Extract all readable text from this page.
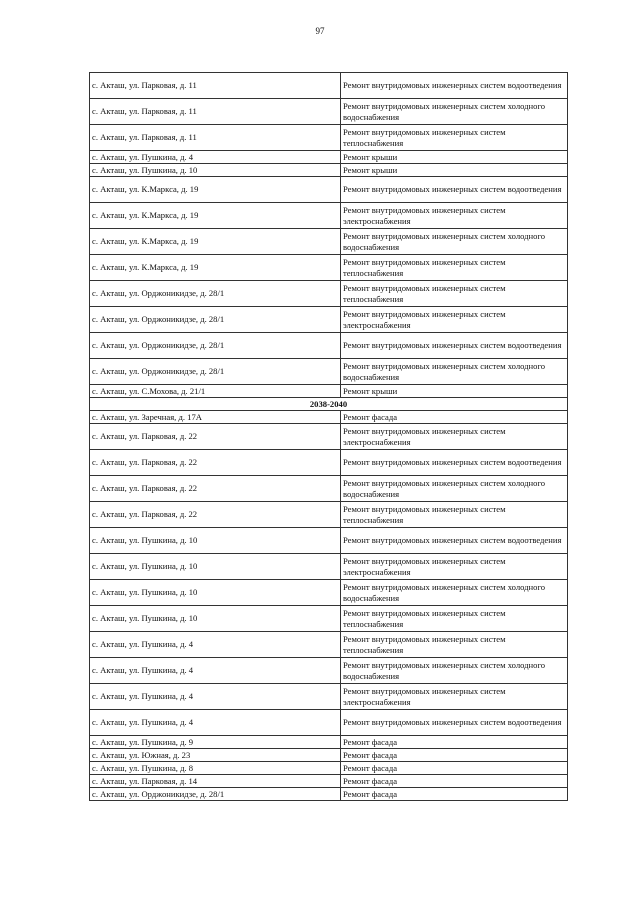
97
с. Акташ, ул. Парковая, д. 11	Ремонт внутридомовых инженерных систем водоотведения
с. Акташ, ул. Парковая, д. 11	Ремонт внутридомовых инженерных систем холодного водоснабжения
с. Акташ, ул. Парковая, д. 11	Ремонт внутридомовых инженерных систем теплоснабжения
с. Акташ, ул. Пушкина, д. 4	Ремонт крыши
с. Акташ, ул. Пушкина, д. 10	Ремонт крыши
с. Акташ, ул. К.Маркса, д. 19	Ремонт внутридомовых инженерных систем водоотведения
с. Акташ, ул. К.Маркса, д. 19	Ремонт внутридомовых инженерных систем электроснабжения
с. Акташ, ул. К.Маркса, д. 19	Ремонт внутридомовых инженерных систем холодного водоснабжения
с. Акташ, ул. К.Маркса, д. 19	Ремонт внутридомовых инженерных систем теплоснабжения
с. Акташ, ул. Орджоникидзе, д. 28/1	Ремонт внутридомовых инженерных систем теплоснабжения
с. Акташ, ул. Орджоникидзе, д. 28/1	Ремонт внутридомовых инженерных систем электроснабжения
с. Акташ, ул. Орджоникидзе, д. 28/1	Ремонт внутридомовых инженерных систем водоотведения
с. Акташ, ул. Орджоникидзе, д. 28/1	Ремонт внутридомовых инженерных систем холодного водоснабжения
с. Акташ, ул. С.Мохова, д. 21/1	Ремонт крыши
2038-2040	
с. Акташ, ул. Заречная, д. 17А	Ремонт фасада
с. Акташ, ул. Парковая, д. 22	Ремонт внутридомовых инженерных систем электроснабжения
с. Акташ, ул. Парковая, д. 22	Ремонт внутридомовых инженерных систем водоотведения
с. Акташ, ул. Парковая, д. 22	Ремонт внутридомовых инженерных систем холодного водоснабжения
с. Акташ, ул. Парковая, д. 22	Ремонт внутридомовых инженерных систем теплоснабжения
с. Акташ, ул. Пушкина, д. 10	Ремонт внутридомовых инженерных систем водоотведения
с. Акташ, ул. Пушкина, д. 10	Ремонт внутридомовых инженерных систем электроснабжения
с. Акташ, ул. Пушкина, д. 10	Ремонт внутридомовых инженерных систем холодного водоснабжения
с. Акташ, ул. Пушкина, д. 10	Ремонт внутридомовых инженерных систем теплоснабжения
с. Акташ, ул. Пушкина, д. 4	Ремонт внутридомовых инженерных систем теплоснабжения
с. Акташ, ул. Пушкина, д. 4	Ремонт внутридомовых инженерных систем холодного водоснабжения
с. Акташ, ул. Пушкина, д. 4	Ремонт внутридомовых инженерных систем электроснабжения
с. Акташ, ул. Пушкина, д. 4	Ремонт внутридомовых инженерных систем водоотведения
с. Акташ, ул. Пушкина, д. 9	Ремонт фасада
с. Акташ, ул. Южная, д. 23	Ремонт фасада
с. Акташ, ул. Пушкина, д. 8	Ремонт фасада
с. Акташ, ул. Парковая, д. 14	Ремонт фасада
с. Акташ, ул. Орджоникидзе, д. 28/1	Ремонт фасада
